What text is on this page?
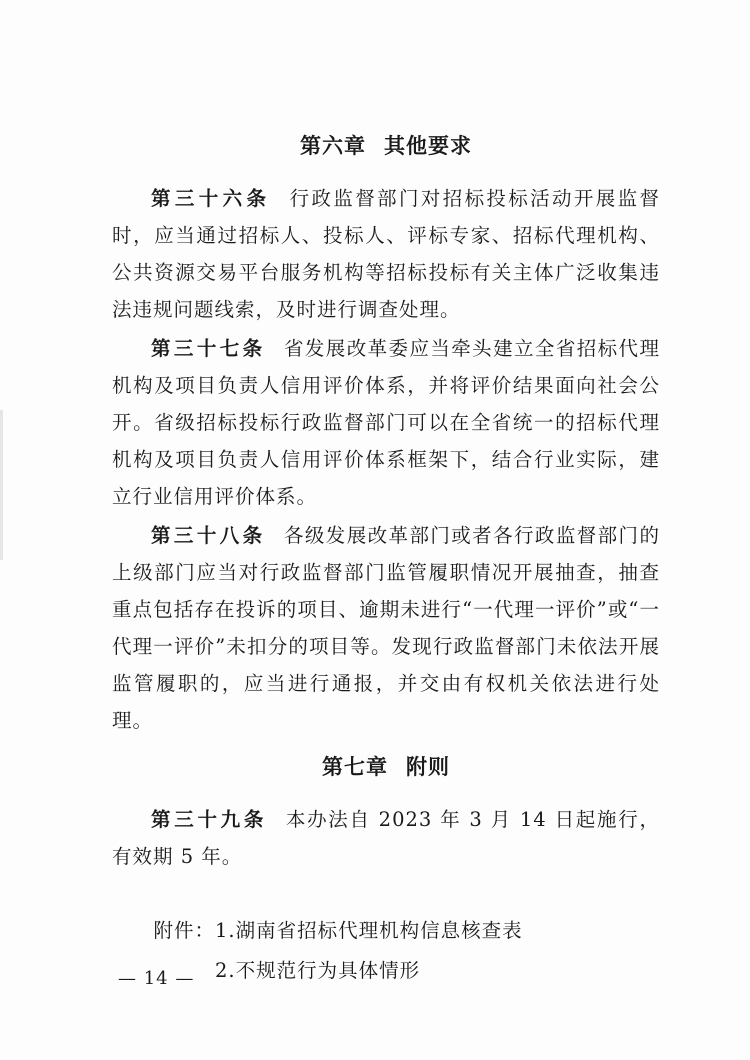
第六章 其他要求

第三十六条 行政监督部门对招标投标活动开展监督时，应当通过招标人、投标人、评标专家、招标代理机构、公共资源交易平台服务机构等招标投标有关主体广泛收集违法违规问题线索，及时进行调查处理。

第三十七条 省发展改革委应当牵头建立全省招标代理机构及项目负责人信用评价体系，并将评价结果面向社会公开。省级招标投标行政监督部门可以在全省统一的招标代理机构及项目负责人信用评价体系框架下，结合行业实际，建立行业信用评价体系。

第三十八条 各级发展改革部门或者各行政监督部门的上级部门应当对行政监督部门监管履职情况开展抽查，抽查重点包括存在投诉的项目、逾期未进行“一代理一评价”或“一代理一评价”未扣分的项目等。发现行政监督部门未依法开展监管履职的，应当进行通报，并交由有权机关依法进行处理。

第七章 附则

第三十九条 本办法自 2023 年 3 月 14 日起施行，有效期 5 年。

附件： 1.湖南省招标代理机构信息核查表
2.不规范行为具体情形
— 14 —
